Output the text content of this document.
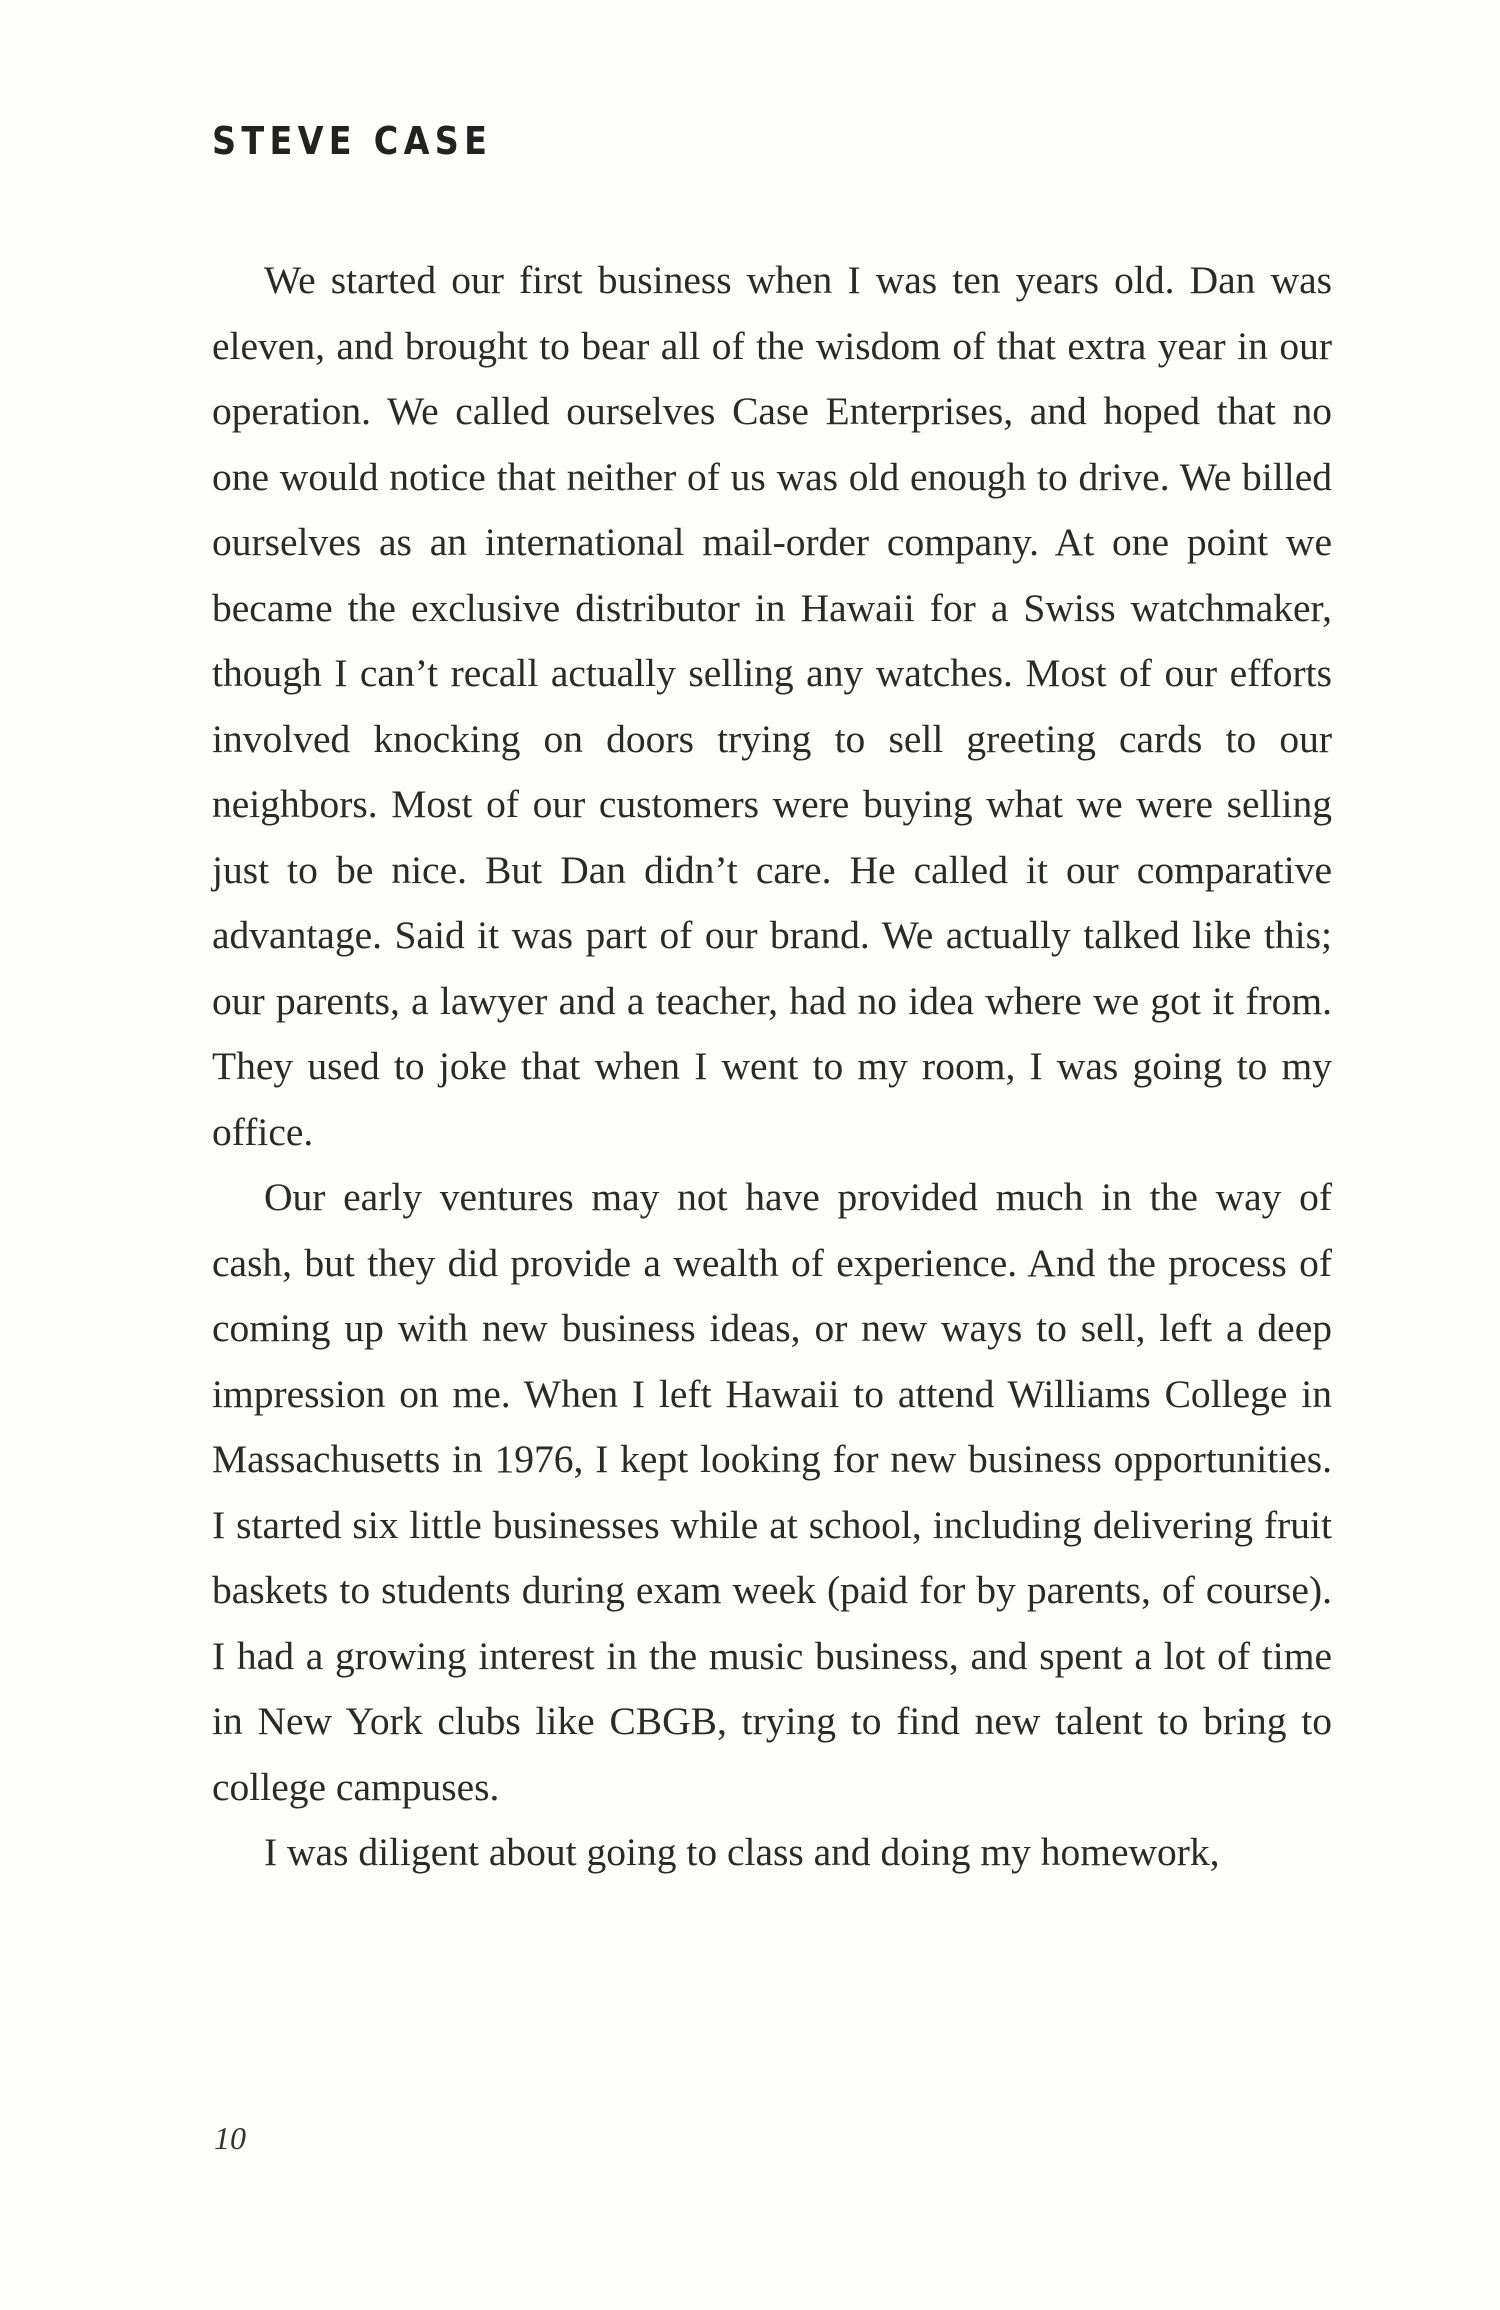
STEVE CASE

We started our first business when I was ten years old. Dan was eleven, and brought to bear all of the wisdom of that extra year in our operation. We called ourselves Case Enterprises, and hoped that no one would notice that neither of us was old enough to drive. We billed ourselves as an international mail-order company. At one point we became the exclusive distributor in Hawaii for a Swiss watchmaker, though I can’t recall actually selling any watches. Most of our efforts involved knocking on doors trying to sell greeting cards to our neighbors. Most of our customers were buying what we were selling just to be nice. But Dan didn’t care. He called it our comparative advantage. Said it was part of our brand. We actually talked like this; our parents, a lawyer and a teacher, had no idea where we got it from. They used to joke that when I went to my room, I was going to my office.

Our early ventures may not have provided much in the way of cash, but they did provide a wealth of experience. And the process of coming up with new business ideas, or new ways to sell, left a deep impression on me. When I left Hawaii to attend Williams College in Massachusetts in 1976, I kept looking for new business opportunities. I started six little businesses while at school, including delivering fruit baskets to students during exam week (paid for by parents, of course). I had a growing interest in the music business, and spent a lot of time in New York clubs like CBGB, trying to find new talent to bring to college campuses.

I was diligent about going to class and doing my homework,

10
